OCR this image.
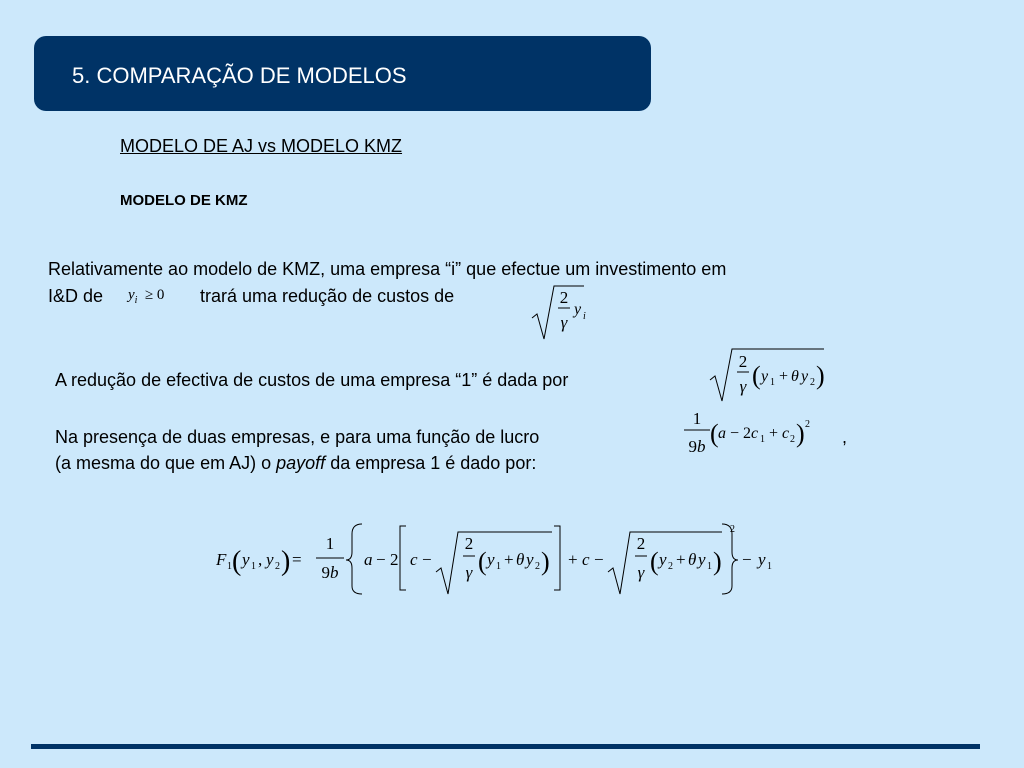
5. COMPARAÇÃO DE MODELOS
MODELO DE AJ vs MODELO KMZ
MODELO DE KMZ
Relativamente ao modelo de KMZ, uma empresa “i” que efectue um investimento em
I&D de	trará uma redução de custos de
$y_i \ge 0$	2
γ
y i
A redução de efectiva de custos de uma empresa “1” é dada por
2
γ ( y 1 + θ y 2 )
Na presença de duas empresas, e para uma função de lucro	,
(a mesma do que em AJ) o payoff da empresa 1 é dado por:
1
9b ( a − 2c 1 + c 2 ) 2
F 1 ( y 1 , y 2 ) =
1
9b
a − 2 c −
2
γ ( y 1 + θ y 2 ) + c −
2
γ ( y 2 + θ y 1 )
2
− y 1
